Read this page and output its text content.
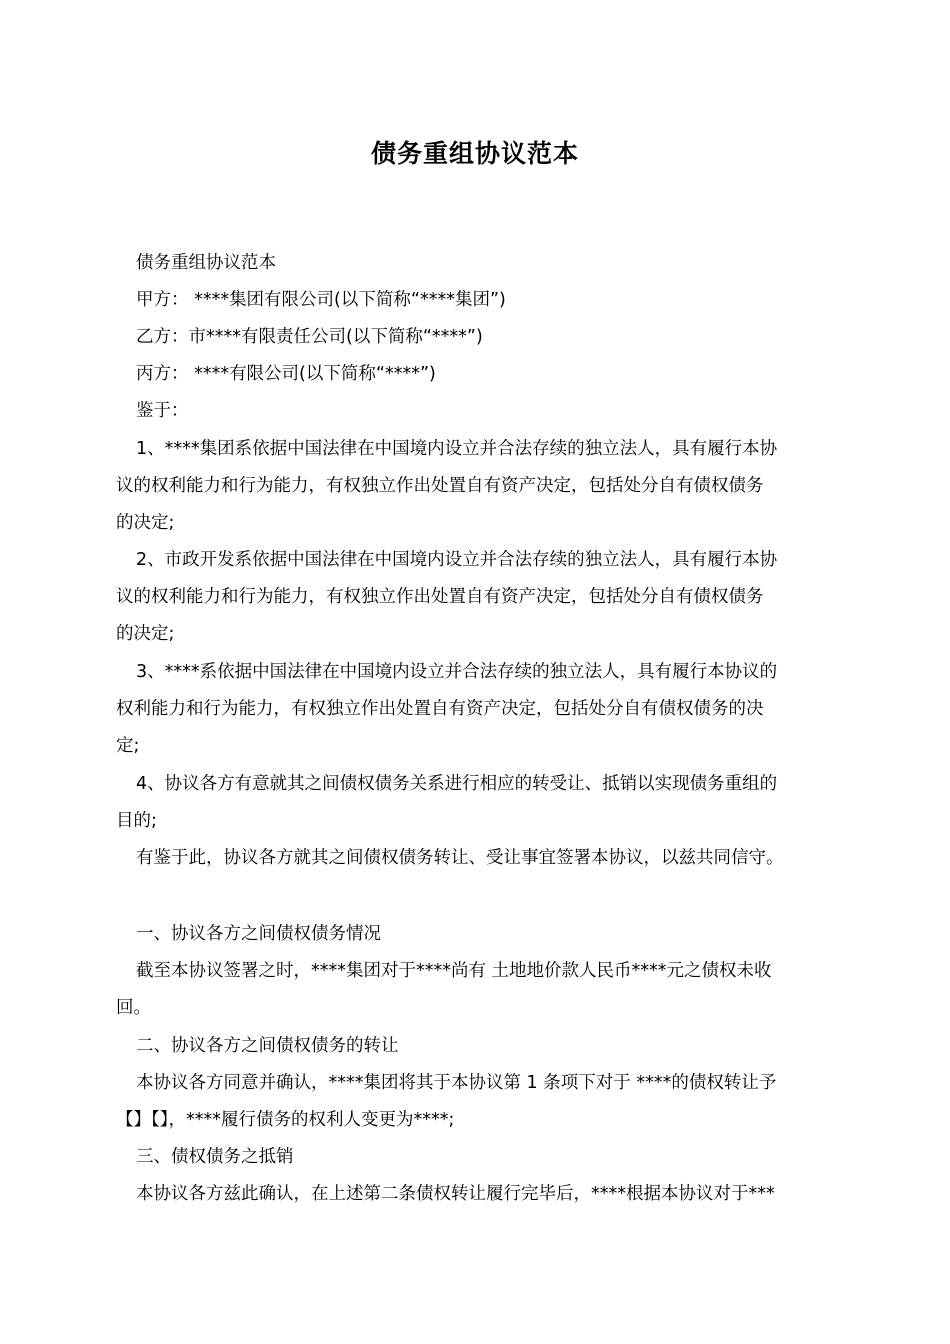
债务重组协议范本
债务重组协议范本
甲方： ****集团有限公司(以下简称“****集团”)
乙方：市****有限责任公司(以下简称“****”)
丙方： ****有限公司(以下简称“****”)
鉴于：
1、****集团系依据中国法律在中国境内设立并合法存续的独立法人，具有履行本协
议的权利能力和行为能力，有权独立作出处置自有资产决定，包括处分自有债权债务
的决定;
2、市政开发系依据中国法律在中国境内设立并合法存续的独立法人，具有履行本协
议的权利能力和行为能力，有权独立作出处置自有资产决定，包括处分自有债权债务
的决定;
3、****系依据中国法律在中国境内设立并合法存续的独立法人，具有履行本协议的
权利能力和行为能力，有权独立作出处置自有资产决定，包括处分自有债权债务的决
定;
4、协议各方有意就其之间债权债务关系进行相应的转受让、抵销以实现债务重组的
目的;
有鉴于此，协议各方就其之间债权债务转让、受让事宜签署本协议，以兹共同信守。
一、协议各方之间债权债务情况
截至本协议签署之时，****集团对于****尚有 土地地价款人民币****元之债权未收
回。
二、协议各方之间债权债务的转让
本协议各方同意并确认，****集团将其于本协议第 1 条项下对于 ****的债权转让予
【】【】，****履行债务的权利人变更为****;
三、债权债务之抵销
本协议各方兹此确认，在上述第二条债权转让履行完毕后，****根据本协议对于***
